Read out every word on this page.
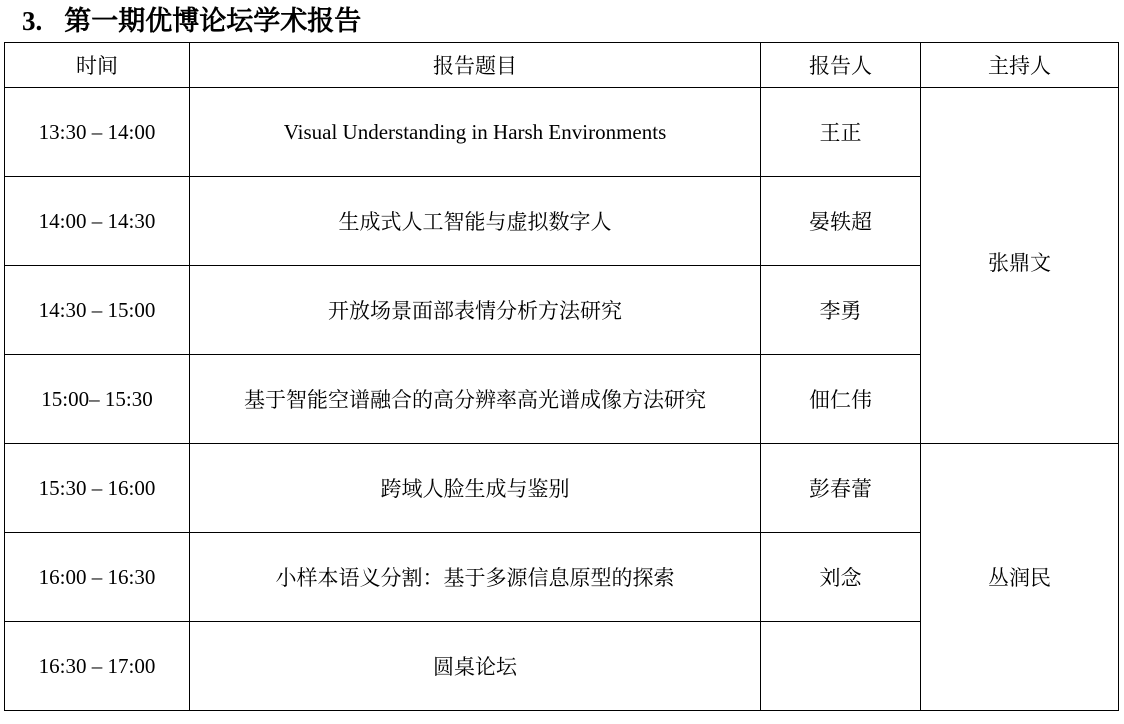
3. 第一期优博论坛学术报告
时间	报告题目	报告人	主持人
13:30 – 14:00	Visual Understanding in Harsh Environments	王正	张鼎文

14:00 – 14:30	生成式人工智能与虚拟数字人	晏轶超	
14:30 – 15:00	开放场景面部表情分析方法研究	李勇	
15:00– 15:30	基于智能空谱融合的高分辨率高光谱成像方法研究	佃仁伟	
15:30 – 16:00	跨域人脸生成与鉴别	彭春蕾	丛润民

16:00 – 16:30	小样本语义分割：基于多源信息原型的探索	刘念	
16:30 – 17:00	圆桌论坛		
